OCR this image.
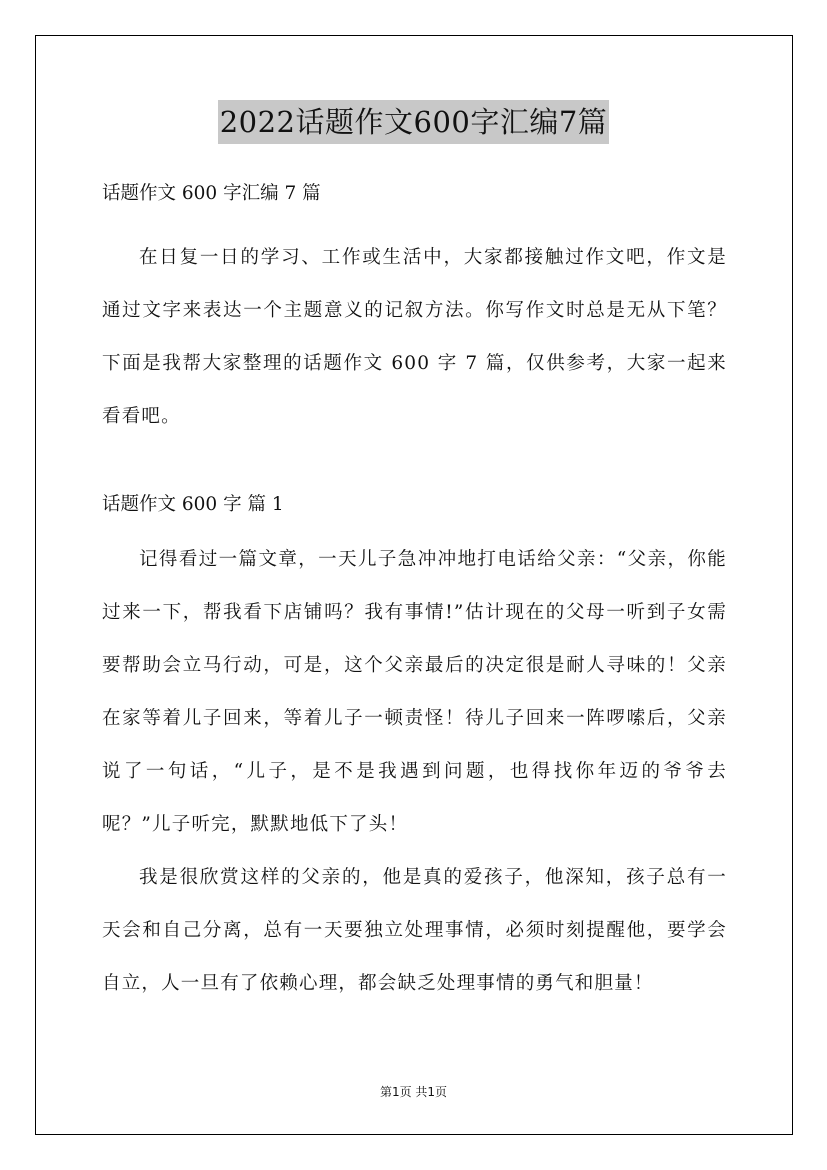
2022话题作文600字汇编7篇

话题作文 600 字汇编 7 篇

在日复一日的学习、工作或生活中，大家都接触过作文吧，作文是通过文字来表达一个主题意义的记叙方法。你写作文时总是无从下笔？下面是我帮大家整理的话题作文 600 字 7 篇，仅供参考，大家一起来看看吧。

话题作文 600 字 篇 1

记得看过一篇文章，一天儿子急冲冲地打电话给父亲：“父亲，你能过来一下，帮我看下店铺吗？我有事情!”估计现在的父母一听到子女需要帮助会立马行动，可是，这个父亲最后的决定很是耐人寻味的！父亲在家等着儿子回来，等着儿子一顿责怪！待儿子回来一阵啰嗦后，父亲说了一句话，“儿子，是不是我遇到问题，也得找你年迈的爷爷去呢？”儿子听完，默默地低下了头！

我是很欣赏这样的父亲的，他是真的爱孩子，他深知，孩子总有一天会和自己分离，总有一天要独立处理事情，必须时刻提醒他，要学会自立，人一旦有了依赖心理，都会缺乏处理事情的勇气和胆量！

第1页 共1页
